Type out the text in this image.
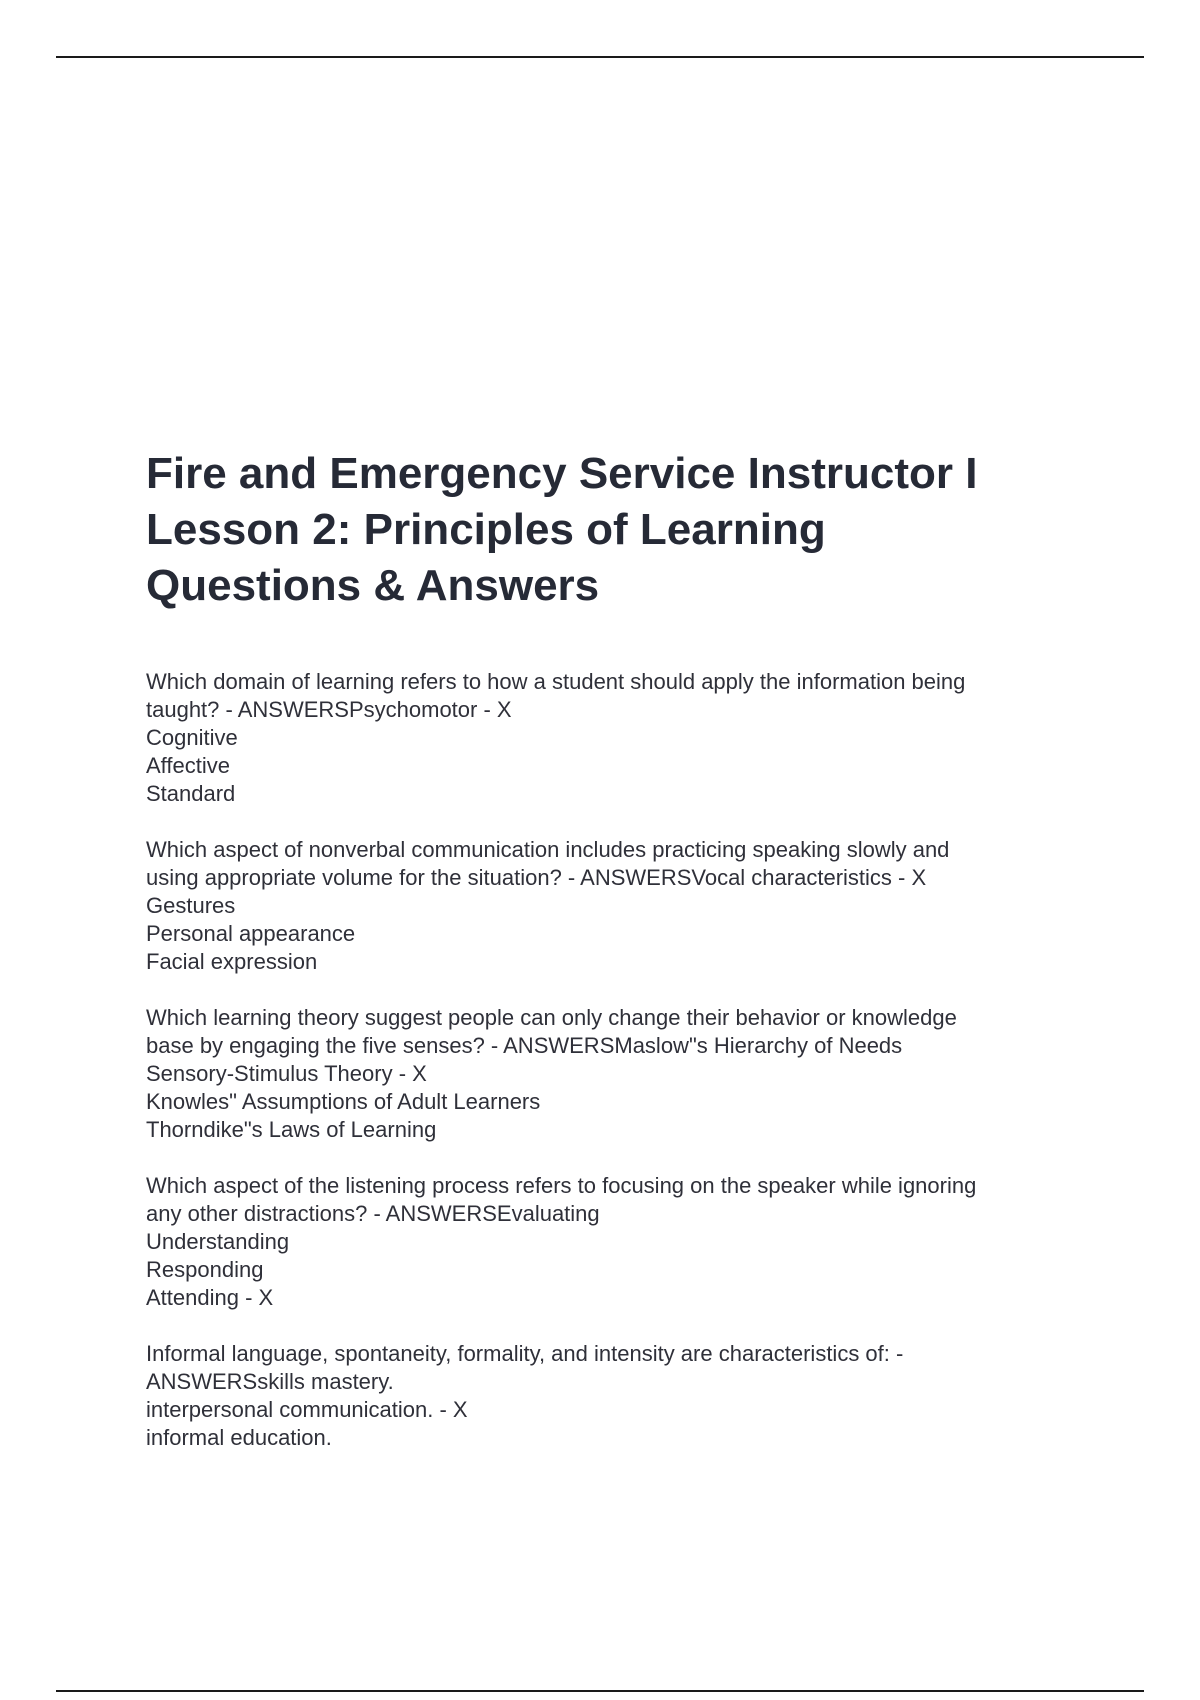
Fire and Emergency Service Instructor I
Lesson 2: Principles of Learning
Questions & Answers
Which domain of learning refers to how a student should apply the information being
taught? - ANSWERSPsychomotor - X
Cognitive
Affective
Standard
Which aspect of nonverbal communication includes practicing speaking slowly and
using appropriate volume for the situation? - ANSWERSVocal characteristics - X
Gestures
Personal appearance
Facial expression
Which learning theory suggest people can only change their behavior or knowledge
base by engaging the five senses? - ANSWERSMaslow"s Hierarchy of Needs
Sensory-Stimulus Theory - X
Knowles" Assumptions of Adult Learners
Thorndike"s Laws of Learning
Which aspect of the listening process refers to focusing on the speaker while ignoring
any other distractions? - ANSWERSEvaluating
Understanding
Responding
Attending - X
Informal language, spontaneity, formality, and intensity are characteristics of: -
ANSWERSskills mastery.
interpersonal communication. - X
informal education.
